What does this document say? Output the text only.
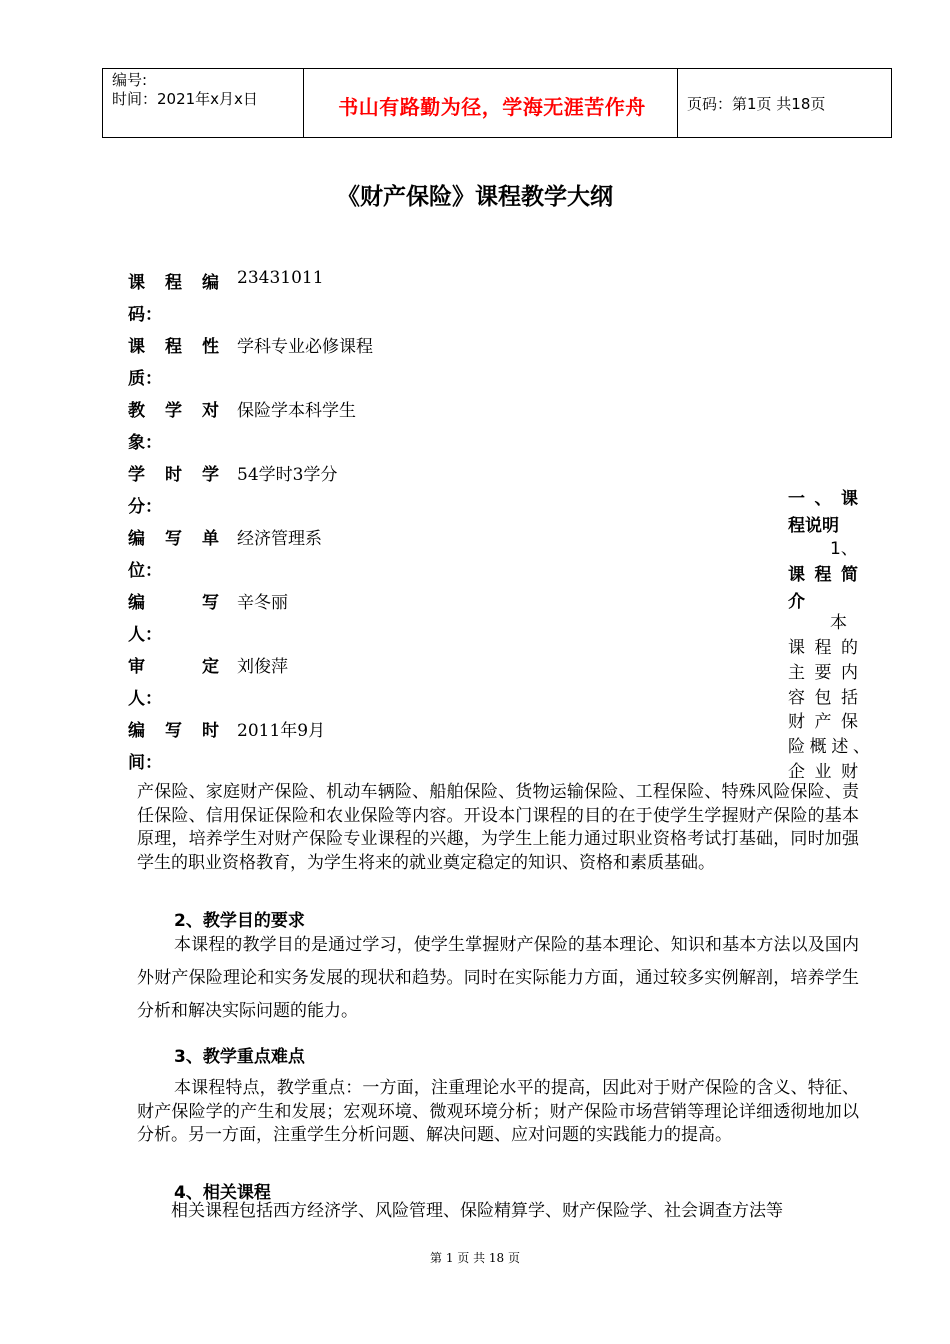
编号:
时间：2021年x月x日	书山有路勤为径，学海无涯苦作舟	页码：第1页 共18页
《财产保险》课程教学大纲
课 程 编
码：
23431011
课 程 性
质：
学科专业必修课程
教 学 对
象：
保险学本科学生
学 时 学
分：
54学时3学分
编 写 单
位：
经济管理系
编	写
人：
辛冬丽
审	定
人：
刘俊萍
编 写 时
间：
2011年9月
一 、 课
程说明
1、
课 程 简
介
本
课 程 的
主 要 内
容 包 括
财 产 保
险 概 述 、
企 业 财
产保险、家庭财产保险、机动车辆险、船舶保险、货物运输保险、工程保险、特殊风险保险、责任保险、信用保证保险和农业保险等内容。开设本门课程的目的在于使学生学握财产保险的基本原理，培养学生对财产保险专业课程的兴趣，为学生上能力通过职业资格考试打基础，同时加强学生的职业资格教育，为学生将来的就业奠定稳定的知识、资格和素质基础。
2、教学目的要求
本课程的教学目的是通过学习，使学生掌握财产保险的基本理论、知识和基本方法以及国内外财产保险理论和实务发展的现状和趋势。同时在实际能力方面，通过较多实例解剖，培养学生分析和解决实际问题的能力。
3、教学重点难点
本课程特点，教学重点：一方面，注重理论水平的提高，因此对于财产保险的含义、特征、财产保险学的产生和发展；宏观环境、微观环境分析；财产保险市场营销等理论详细透彻地加以分析。另一方面，注重学生分析问题、解决问题、应对问题的实践能力的提高。
4、相关课程
相关课程包括西方经济学、风险管理、保险精算学、财产保险学、社会调查方法等
第 1 页 共 18 页
